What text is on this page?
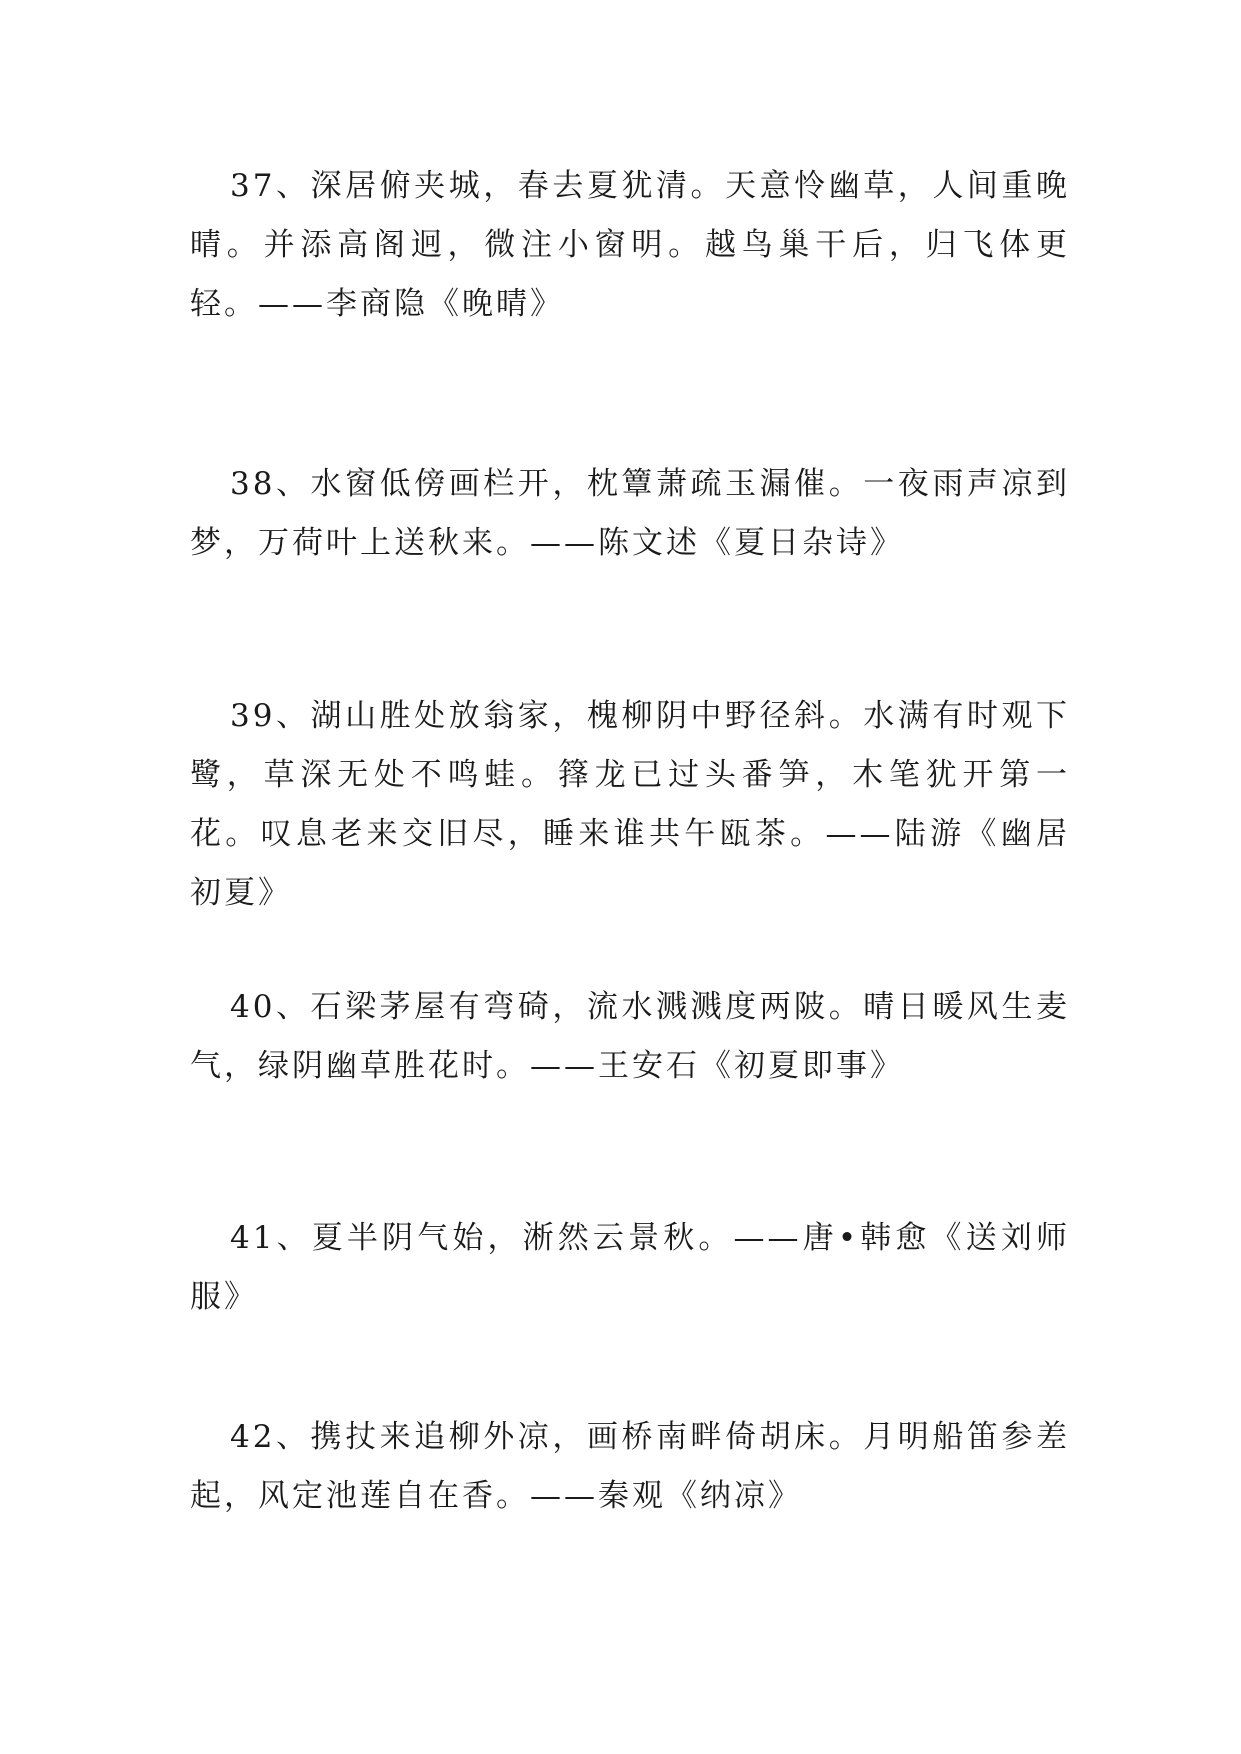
37、深居俯夹城，春去夏犹清。天意怜幽草，人间重晚晴。并添高阁迥，微注小窗明。越鸟巢干后，归飞体更轻。——李商隐《晚晴》

38、水窗低傍画栏开，枕簟萧疏玉漏催。一夜雨声凉到梦，万荷叶上送秋来。——陈文述《夏日杂诗》

39、湖山胜处放翁家，槐柳阴中野径斜。水满有时观下鹭，草深无处不鸣蛙。箨龙已过头番笋，木笔犹开第一花。叹息老来交旧尽，睡来谁共午瓯茶。——陆游《幽居初夏》

40、石梁茅屋有弯碕，流水溅溅度两陂。晴日暖风生麦气，绿阴幽草胜花时。——王安石《初夏即事》

41、夏半阴气始，淅然云景秋。——唐•韩愈《送刘师服》

42、携扙来追柳外凉，画桥南畔倚胡床。月明船笛参差起，风定池莲自在香。——秦观《纳凉》
